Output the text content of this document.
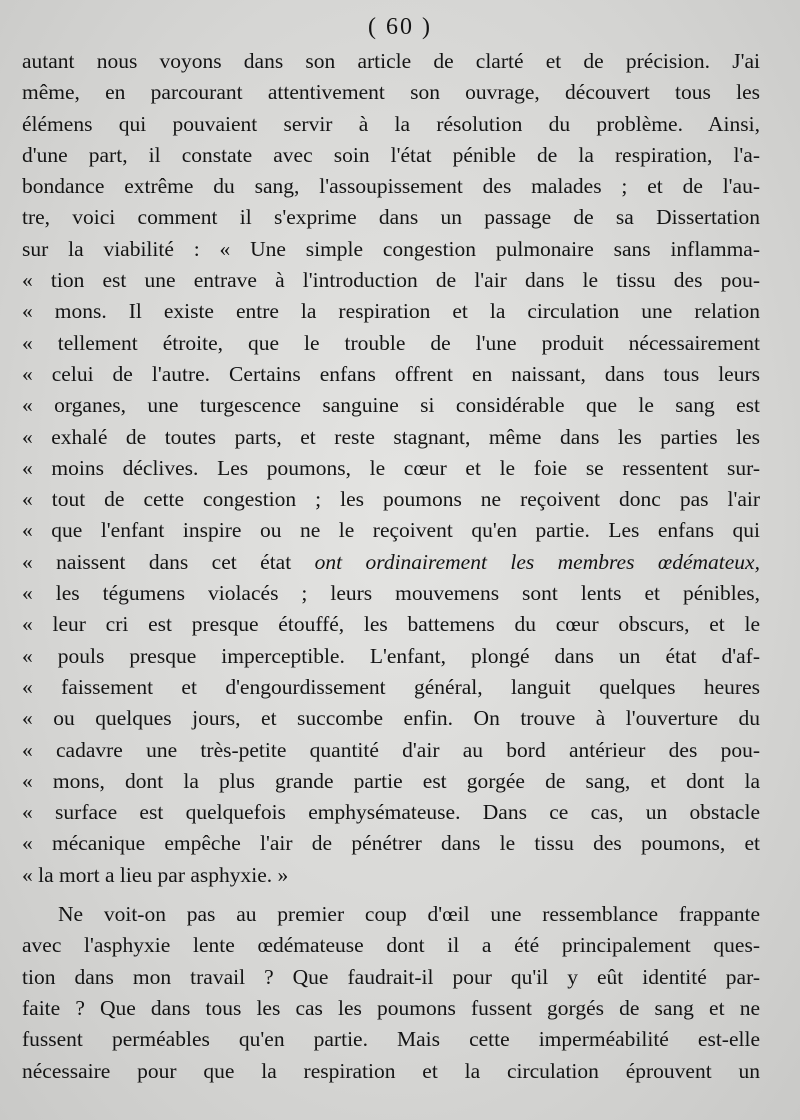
( 60 )
autant nous voyons dans son article de clarté et de précision. J'ai
même, en parcourant attentivement son ouvrage, découvert tous les
élémens qui pouvaient servir à la résolution du problème. Ainsi,
d'une part, il constate avec soin l'état pénible de la respiration, l'a-
bondance extrême du sang, l'assoupissement des malades ; et de l'au-
tre, voici comment il s'exprime dans un passage de sa Dissertation
sur la viabilité : « Une simple congestion pulmonaire sans inflamma-
« tion est une entrave à l'introduction de l'air dans le tissu des pou-
« mons. Il existe entre la respiration et la circulation une relation
« tellement étroite, que le trouble de l'une produit nécessairement
« celui de l'autre. Certains enfans offrent en naissant, dans tous leurs
« organes, une turgescence sanguine si considérable que le sang est
« exhalé de toutes parts, et reste stagnant, même dans les parties les
« moins déclives. Les poumons, le cœur et le foie se ressentent sur-
« tout de cette congestion ; les poumons ne reçoivent donc pas l'air
« que l'enfant inspire ou ne le reçoivent qu'en partie. Les enfans qui
« naissent dans cet état ont ordinairement les membres œdémateux,
« les tégumens violacés ; leurs mouvemens sont lents et pénibles,
« leur cri est presque étouffé, les battemens du cœur obscurs, et le
« pouls presque imperceptible. L'enfant, plongé dans un état d'af-
« faissement et d'engourdissement général, languit quelques heures
« ou quelques jours, et succombe enfin. On trouve à l'ouverture du
« cadavre une très-petite quantité d'air au bord antérieur des pou-
« mons, dont la plus grande partie est gorgée de sang, et dont la
« surface est quelquefois emphysémateuse. Dans ce cas, un obstacle
« mécanique empêche l'air de pénétrer dans le tissu des poumons, et
« la mort a lieu par asphyxie. »
Ne voit-on pas au premier coup d'œil une ressemblance frappante
avec l'asphyxie lente œdémateuse dont il a été principalement ques-
tion dans mon travail ? Que faudrait-il pour qu'il y eût identité par-
faite ? Que dans tous les cas les poumons fussent gorgés de sang et ne
fussent perméables qu'en partie. Mais cette imperméabilité est-elle
nécessaire pour que la respiration et la circulation éprouvent un
